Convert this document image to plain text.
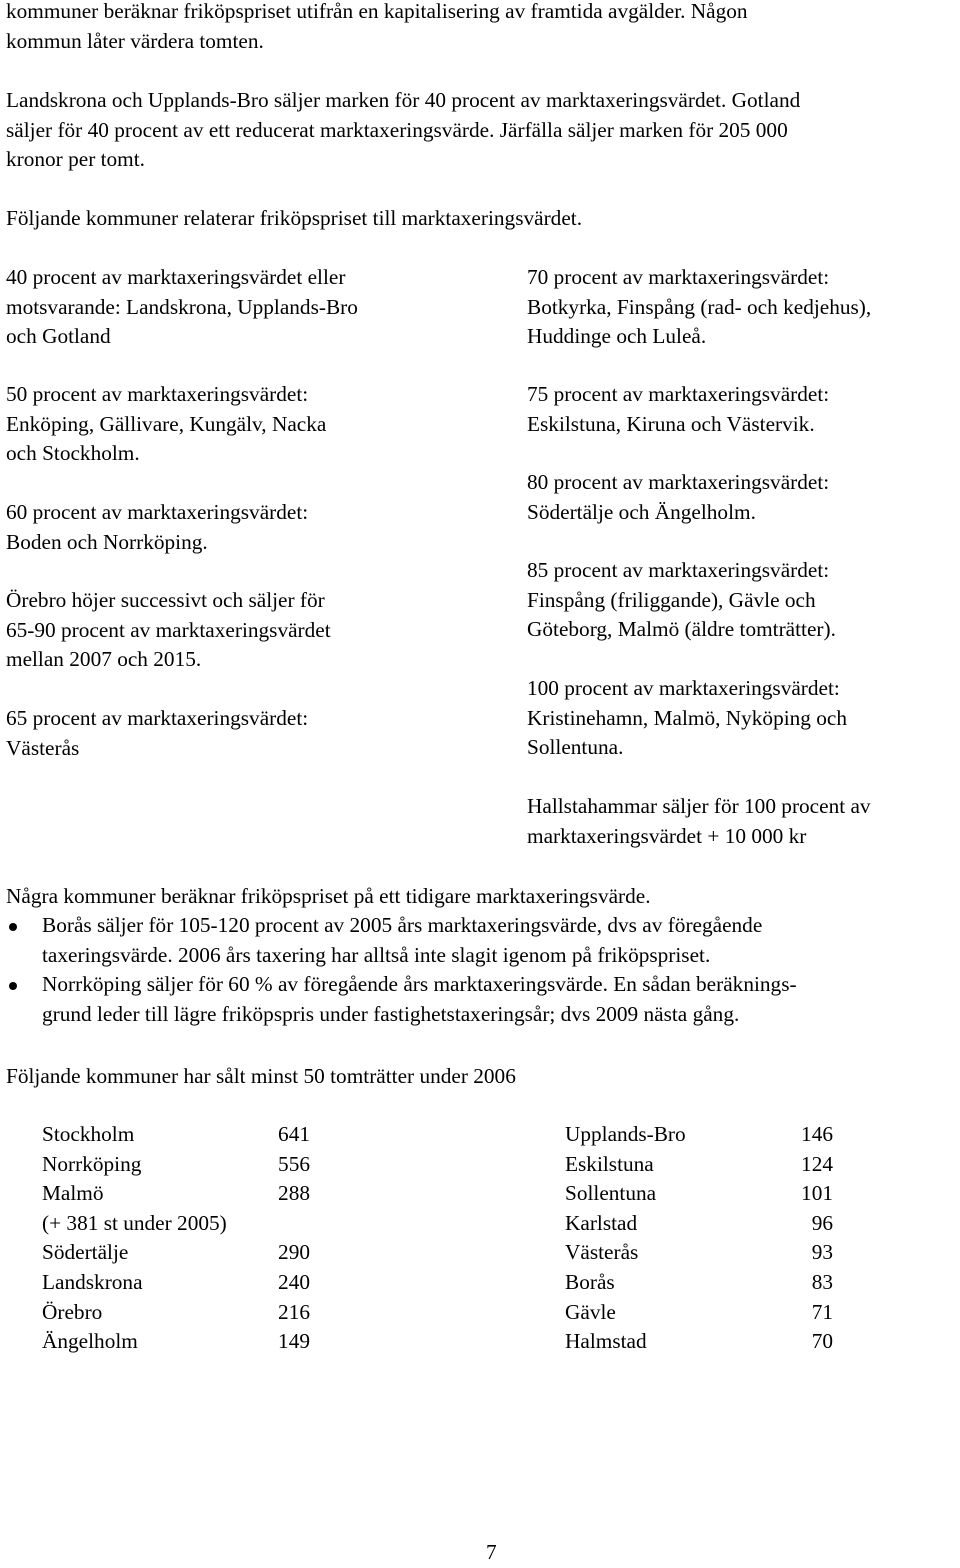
kommuner beräknar friköpspriset utifrån en kapitalisering av framtida avgälder. Någon
kommun låter värdera tomten.

Landskrona och Upplands-Bro säljer marken för 40 procent av marktaxeringsvärdet. Gotland
säljer för 40 procent av ett reducerat marktaxeringsvärde. Järfälla säljer marken för 205 000
kronor per tomt.

Följande kommuner relaterar friköpspriset till marktaxeringsvärdet.

40 procent av marktaxeringsvärdet eller
motsvarande: Landskrona, Upplands-Bro
och Gotland
50 procent av marktaxeringsvärdet:
Enköping, Gällivare, Kungälv, Nacka
och Stockholm.
60 procent av marktaxeringsvärdet:
Boden och Norrköping.
Örebro höjer successivt och säljer för
65-90 procent av marktaxeringsvärdet
mellan 2007 och 2015.
65 procent av marktaxeringsvärdet:
Västerås
70 procent av marktaxeringsvärdet:
Botkyrka, Finspång (rad- och kedjehus),
Huddinge och Luleå.
75 procent av marktaxeringsvärdet:
Eskilstuna, Kiruna och Västervik.
80 procent av marktaxeringsvärdet:
Södertälje och Ängelholm.
85 procent av marktaxeringsvärdet:
Finspång (friliggande), Gävle och
Göteborg, Malmö (äldre tomträtter).
100 procent av marktaxeringsvärdet:
Kristinehamn, Malmö, Nyköping och
Sollentuna.
Hallstahammar säljer för 100 procent av
marktaxeringsvärdet + 10 000 kr

Några kommuner beräknar friköpspriset på ett tidigare marktaxeringsvärde.

Borås säljer för 105-120 procent av 2005 års marktaxeringsvärde, dvs av föregående
taxeringsvärde. 2006 års taxering har alltså inte slagit igenom på friköpspriset.
Norrköping säljer för 60 % av föregående års marktaxeringsvärde. En sådan beräknings-
grund leder till lägre friköpspris under fastighetstaxeringsår; dvs 2009 nästa gång.

Följande kommuner har sålt minst 50 tomträtter under 2006

Stockholm	641
Norrköping	556
Malmö	288
(+ 381 st under 2005)	
Södertälje	290
Landskrona	240
Örebro	216
Ängelholm	149
Upplands-Bro	146
Eskilstuna	124
Sollentuna	101
Karlstad	96
Västerås	93
Borås	83
Gävle	71
Halmstad	70
7
